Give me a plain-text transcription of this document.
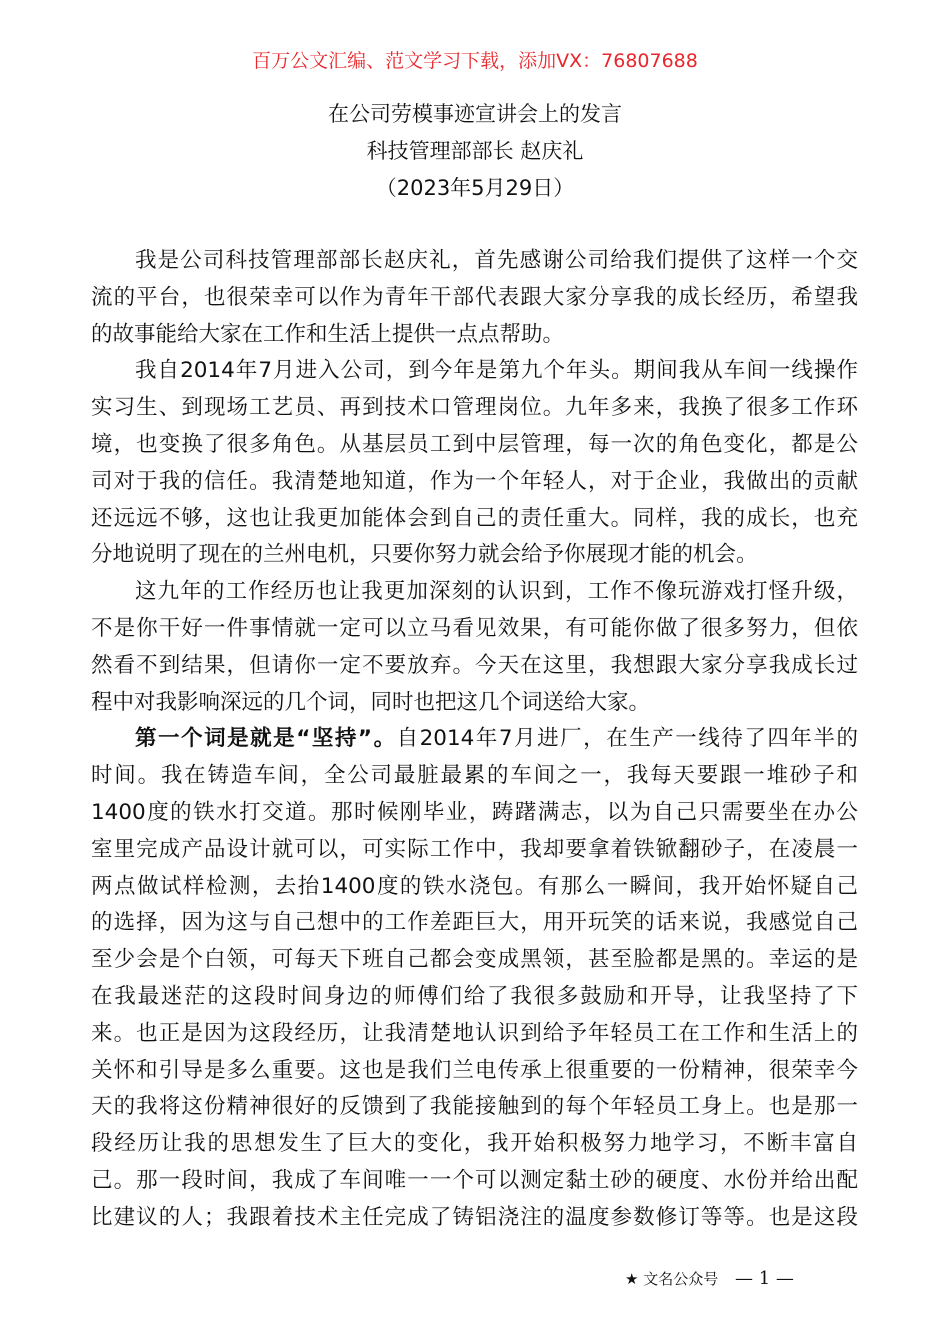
百万公文汇编、范文学习下载，添加VX：76807688
在公司劳模事迹宣讲会上的发言
科技管理部部长 赵庆礼
（2023年5月29日）
我是公司科技管理部部长赵庆礼，首先感谢公司给我们提供了这样一个交
流的平台，也很荣幸可以作为青年干部代表跟大家分享我的成长经历，希望我
的故事能给大家在工作和生活上提供一点点帮助。
我自2014年7月进入公司，到今年是第九个年头。期间我从车间一线操作
实习生、到现场工艺员、再到技术口管理岗位。九年多来，我换了很多工作环
境，也变换了很多角色。从基层员工到中层管理，每一次的角色变化，都是公
司对于我的信任。我清楚地知道，作为一个年轻人，对于企业，我做出的贡献
还远远不够，这也让我更加能体会到自己的责任重大。同样，我的成长，也充
分地说明了现在的兰州电机，只要你努力就会给予你展现才能的机会。
这九年的工作经历也让我更加深刻的认识到，工作不像玩游戏打怪升级，
不是你干好一件事情就一定可以立马看见效果，有可能你做了很多努力，但依
然看不到结果，但请你一定不要放弃。今天在这里，我想跟大家分享我成长过
程中对我影响深远的几个词，同时也把这几个词送给大家。
第一个词是就是“坚持”。自2014年7月进厂，在生产一线待了四年半的
时间。我在铸造车间，全公司最脏最累的车间之一，我每天要跟一堆砂子和
1400度的铁水打交道。那时候刚毕业，踌躇满志，以为自己只需要坐在办公
室里完成产品设计就可以，可实际工作中，我却要拿着铁锨翻砂子，在凌晨一
两点做试样检测，去抬1400度的铁水浇包。有那么一瞬间，我开始怀疑自己
的选择，因为这与自己想中的工作差距巨大，用开玩笑的话来说，我感觉自己
至少会是个白领，可每天下班自己都会变成黑领，甚至脸都是黑的。幸运的是
在我最迷茫的这段时间身边的师傅们给了我很多鼓励和开导，让我坚持了下
来。也正是因为这段经历，让我清楚地认识到给予年轻员工在工作和生活上的
关怀和引导是多么重要。这也是我们兰电传承上很重要的一份精神，很荣幸今
天的我将这份精神很好的反馈到了我能接触到的每个年轻员工身上。也是那一
段经历让我的思想发生了巨大的变化，我开始积极努力地学习，不断丰富自
己。那一段时间，我成了车间唯一一个可以测定黏土砂的硬度、水份并给出配
比建议的人；我跟着技术主任完成了铸铝浇注的温度参数修订等等。也是这段
★ 文名公众号 — 1 —
